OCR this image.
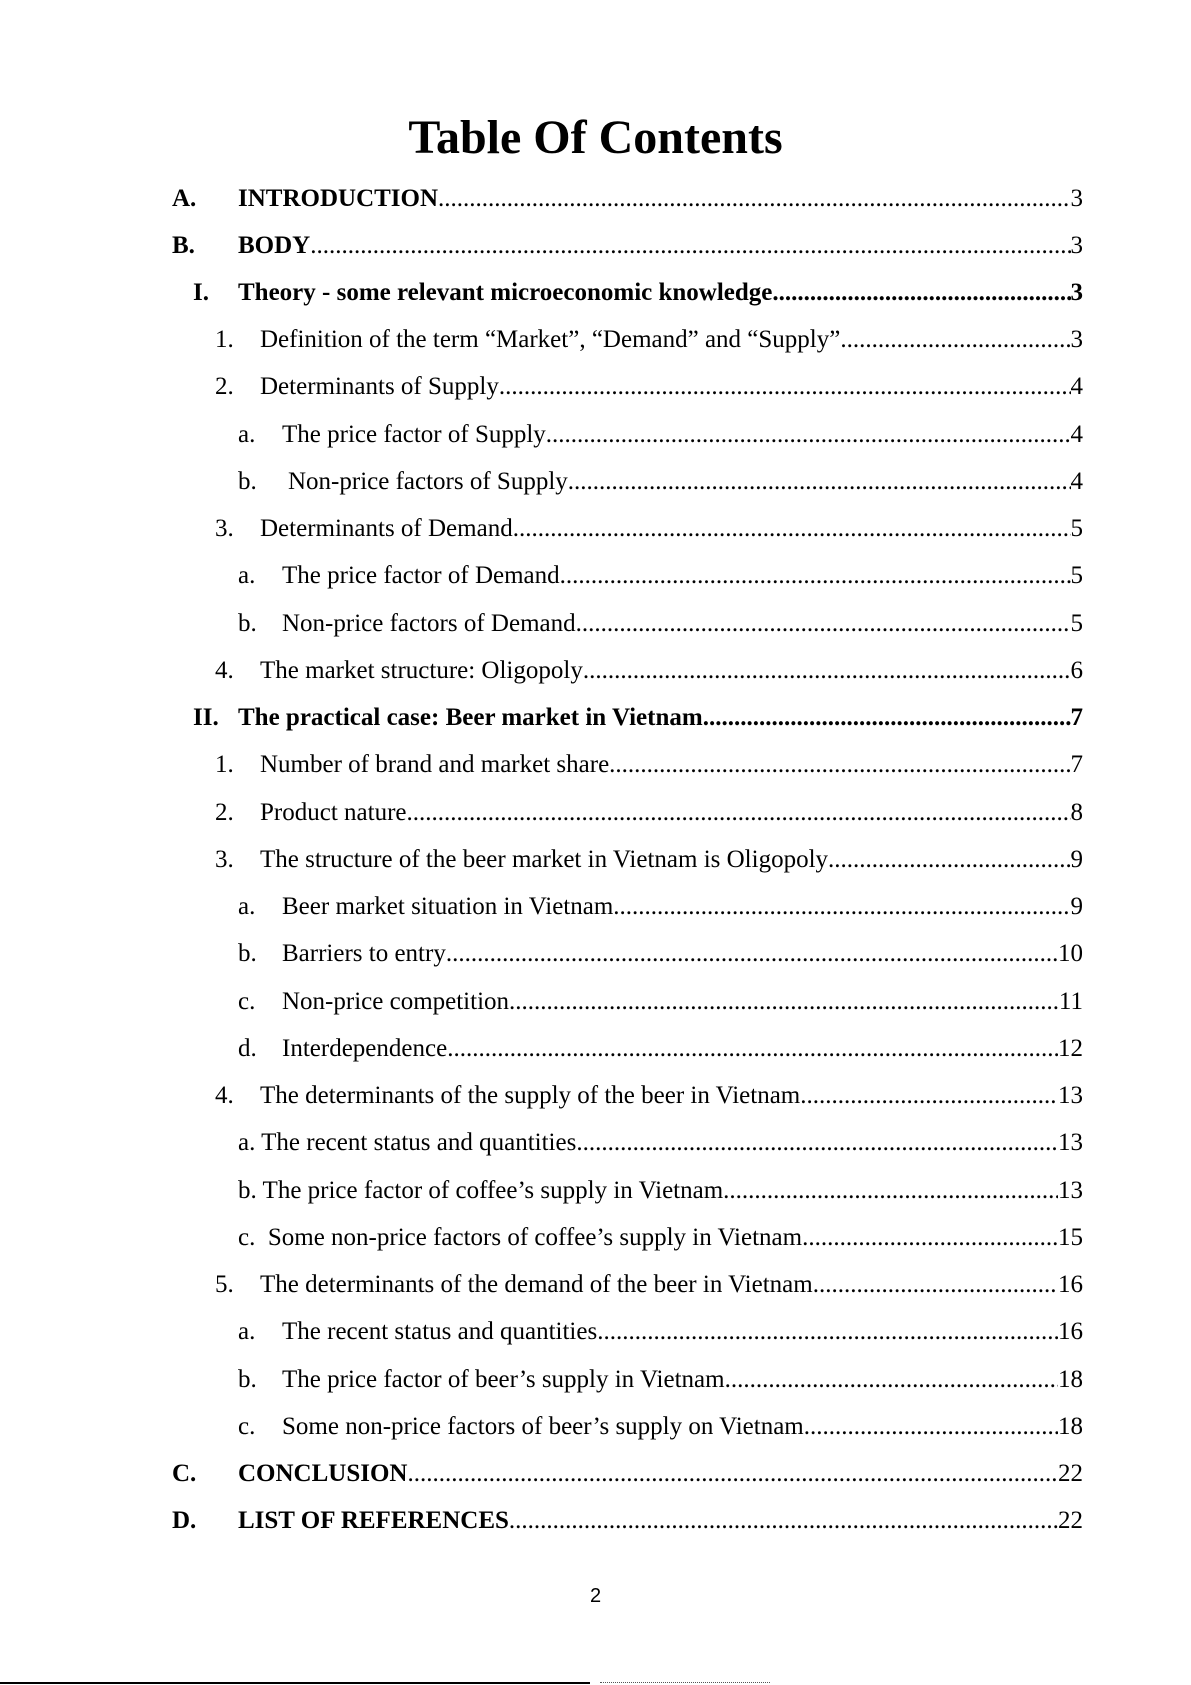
Table Of Contents
A.	INTRODUCTION .....	3
B.	BODY .....	3
I.	Theory - some relevant microeconomic knowledge .....	3
1.	Definition of the term “Market”, “Demand” and “Supply” .....	3
2.	Determinants of Supply .....	4
a.	The price factor of Supply .....	4
b.	Non-price factors of Supply .....	4
3.	Determinants of Demand .....	5
a.	The price factor of Demand .....	5
b.	Non-price factors of Demand .....	5
4.	The market structure: Oligopoly .....	6
II. The practical case: Beer market in Vietnam .....	7
1.	Number of brand and market share .....	7
2.	Product nature .....	8
3.	The structure of the beer market in Vietnam is Oligopoly .....	9
a.	Beer market situation in Vietnam .....	9
b.	Barriers to entry .....	10
c.	Non-price competition .....	11
d.	Interdependence .....	12
4.	The determinants of the supply of the beer in Vietnam .....	13
a. The recent status and quantities .....	13
b. The price factor of coffee’s supply in Vietnam .....	13
c.  Some non-price factors of coffee’s supply in Vietnam .....	15
5.	The determinants of the demand of the beer in Vietnam .....	16
a.	The recent status and quantities .....	16
b.	The price factor of beer’s supply in Vietnam .....	18
c.	Some non-price factors of beer’s supply on Vietnam .....	18
C.	CONCLUSION .....	22
D.	LIST OF REFERENCES .....	22
2
